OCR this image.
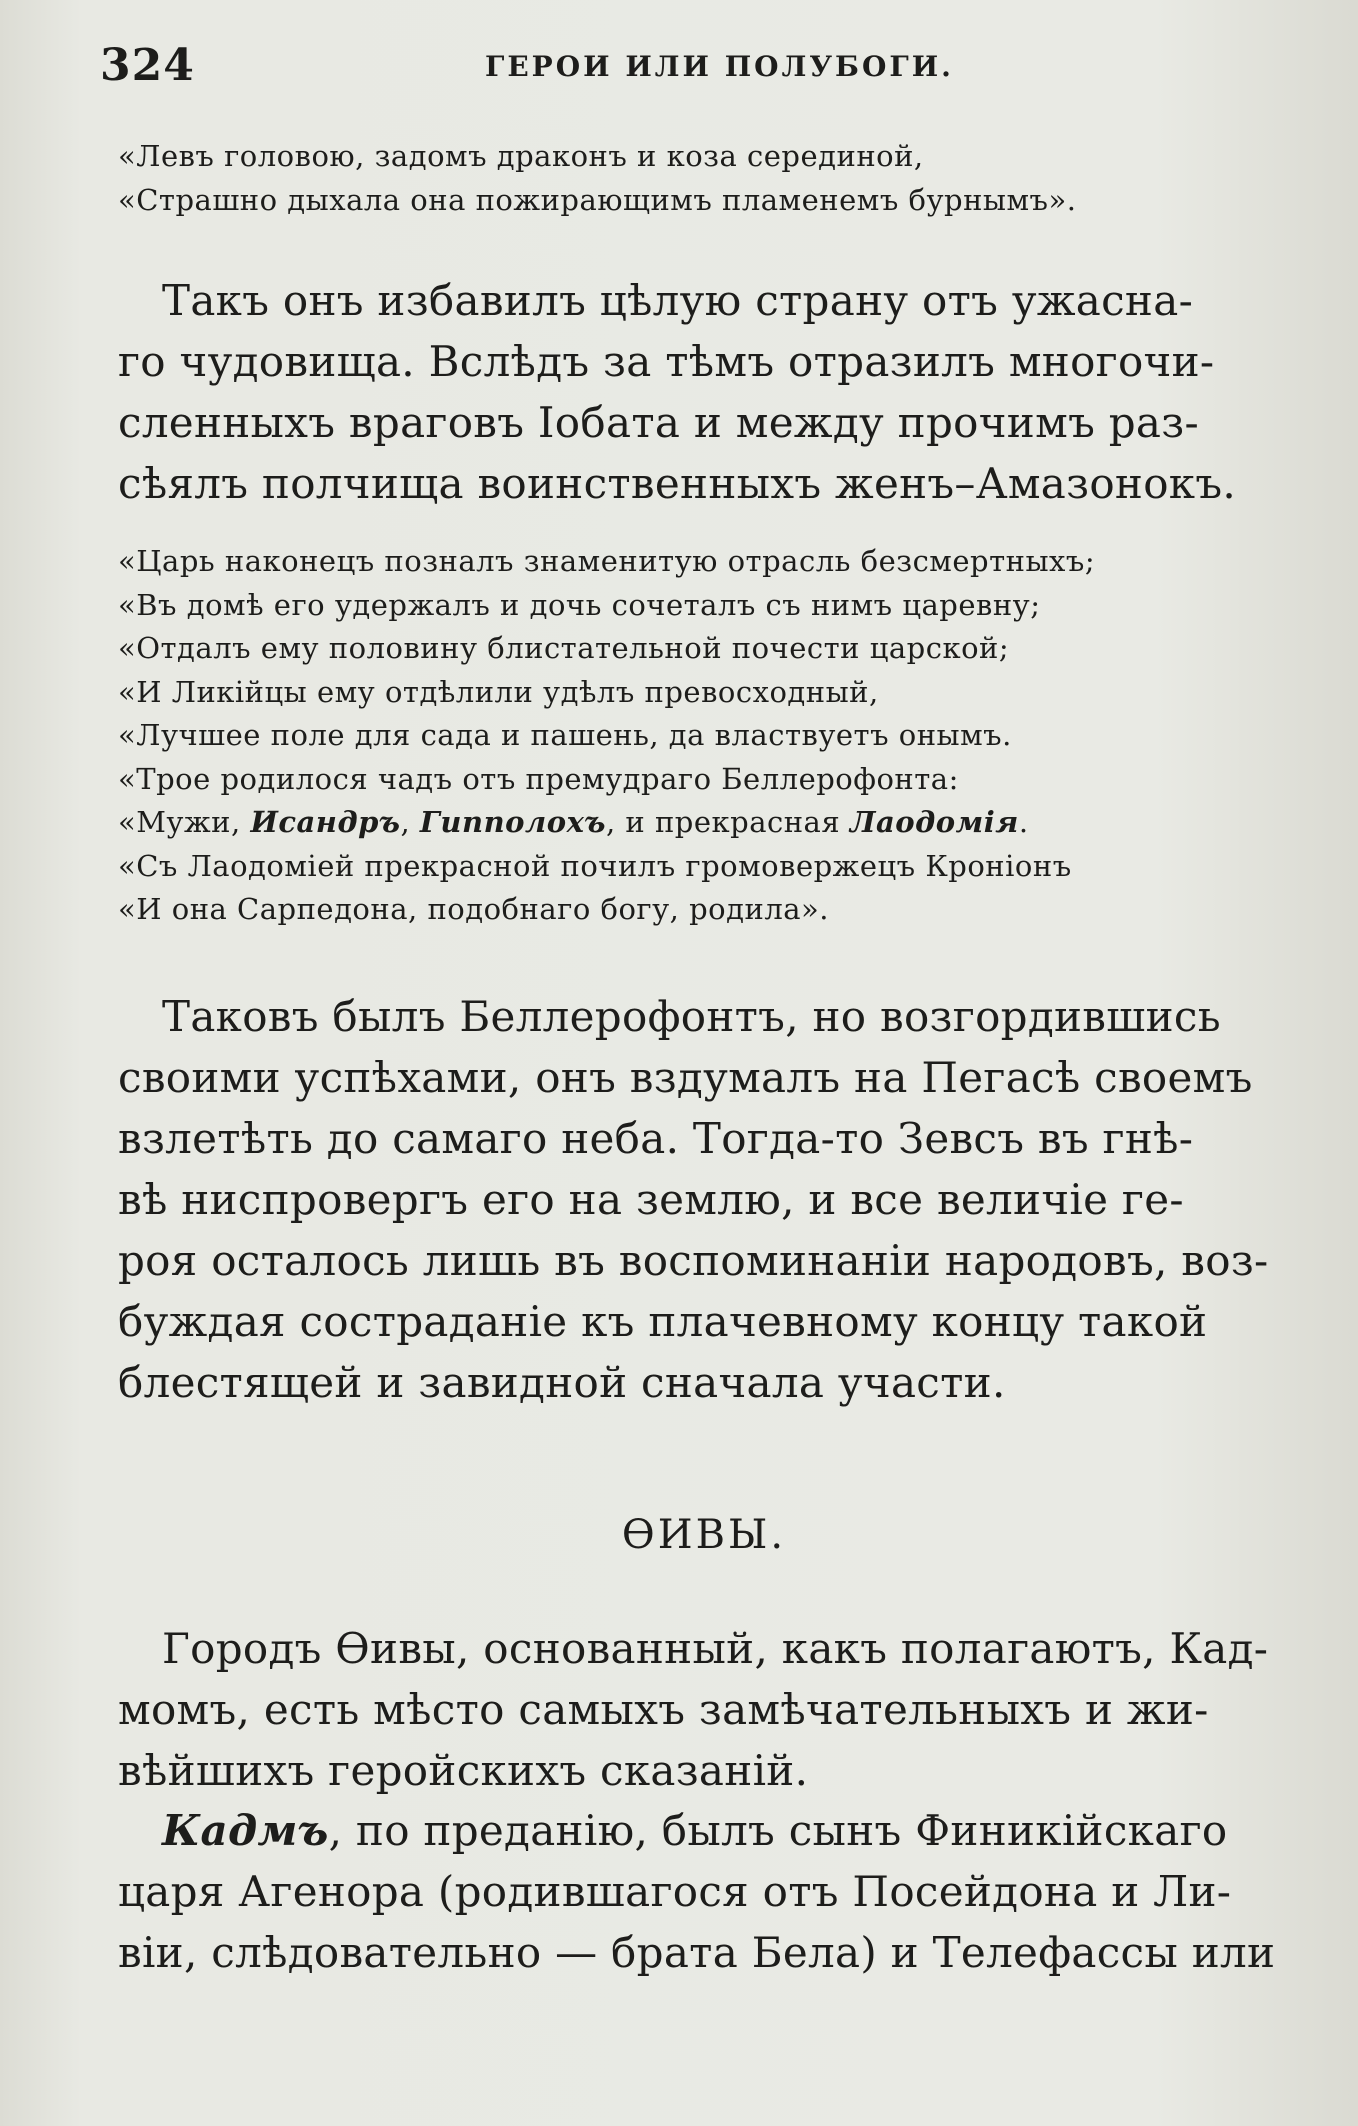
324	ГЕРОИ ИЛИ ПОЛУБОГИ.
«Левъ головою, задомъ драконъ и коза серединой,
«Страшно дыхала она пожирающимъ пламенемъ бурнымъ».
Такъ онъ избавилъ цѣлую страну отъ ужасна-
го чудовища. Вслѣдъ за тѣмъ отразилъ многочи-
сленныхъ враговъ Іобата и между прочимъ раз-
сѣялъ полчища воинственныхъ женъ–Амазонокъ.
«Царь наконецъ позналъ знаменитую отрасль безсмертныхъ;
«Въ домѣ его удержалъ и дочь сочеталъ съ нимъ царевну;
«Отдалъ ему половину блистательной почести царской;
«И Ликійцы ему отдѣлили удѣлъ превосходный,
«Лучшее поле для сада и пашень, да властвуетъ онымъ.
«Трое родилося чадъ отъ премудраго Беллерофонта:
«Мужи, Исандръ, Гипполохъ, и прекрасная Лаодомія.
«Съ Лаодоміей прекрасной почилъ громовержецъ Кроніонъ
«И она Сарпедона, подобнаго богу, родила».
Таковъ былъ Беллерофонтъ, но возгордившись
своими успѣхами, онъ вздумалъ на Пегасѣ своемъ
взлетѣть до самаго неба. Тогда-то Зевсъ въ гнѣ-
вѣ ниспровергъ его на землю, и все величіе ге-
роя осталось лишь въ воспоминаніи народовъ, воз-
буждая состраданіе къ плачевному концу такой
блестящей и завидной сначала участи.
ѲИВЫ.
Городъ Ѳивы, основанный, какъ полагаютъ, Кад-
момъ, есть мѣсто самыхъ замѣчательныхъ и жи-
вѣйшихъ геройскихъ сказаній.
Кадмъ, по преданію, былъ сынъ Финикійскаго
царя Агенора (родившагося отъ Посейдона и Ли-
віи, слѣдовательно — брата Бела) и Телефассы или
